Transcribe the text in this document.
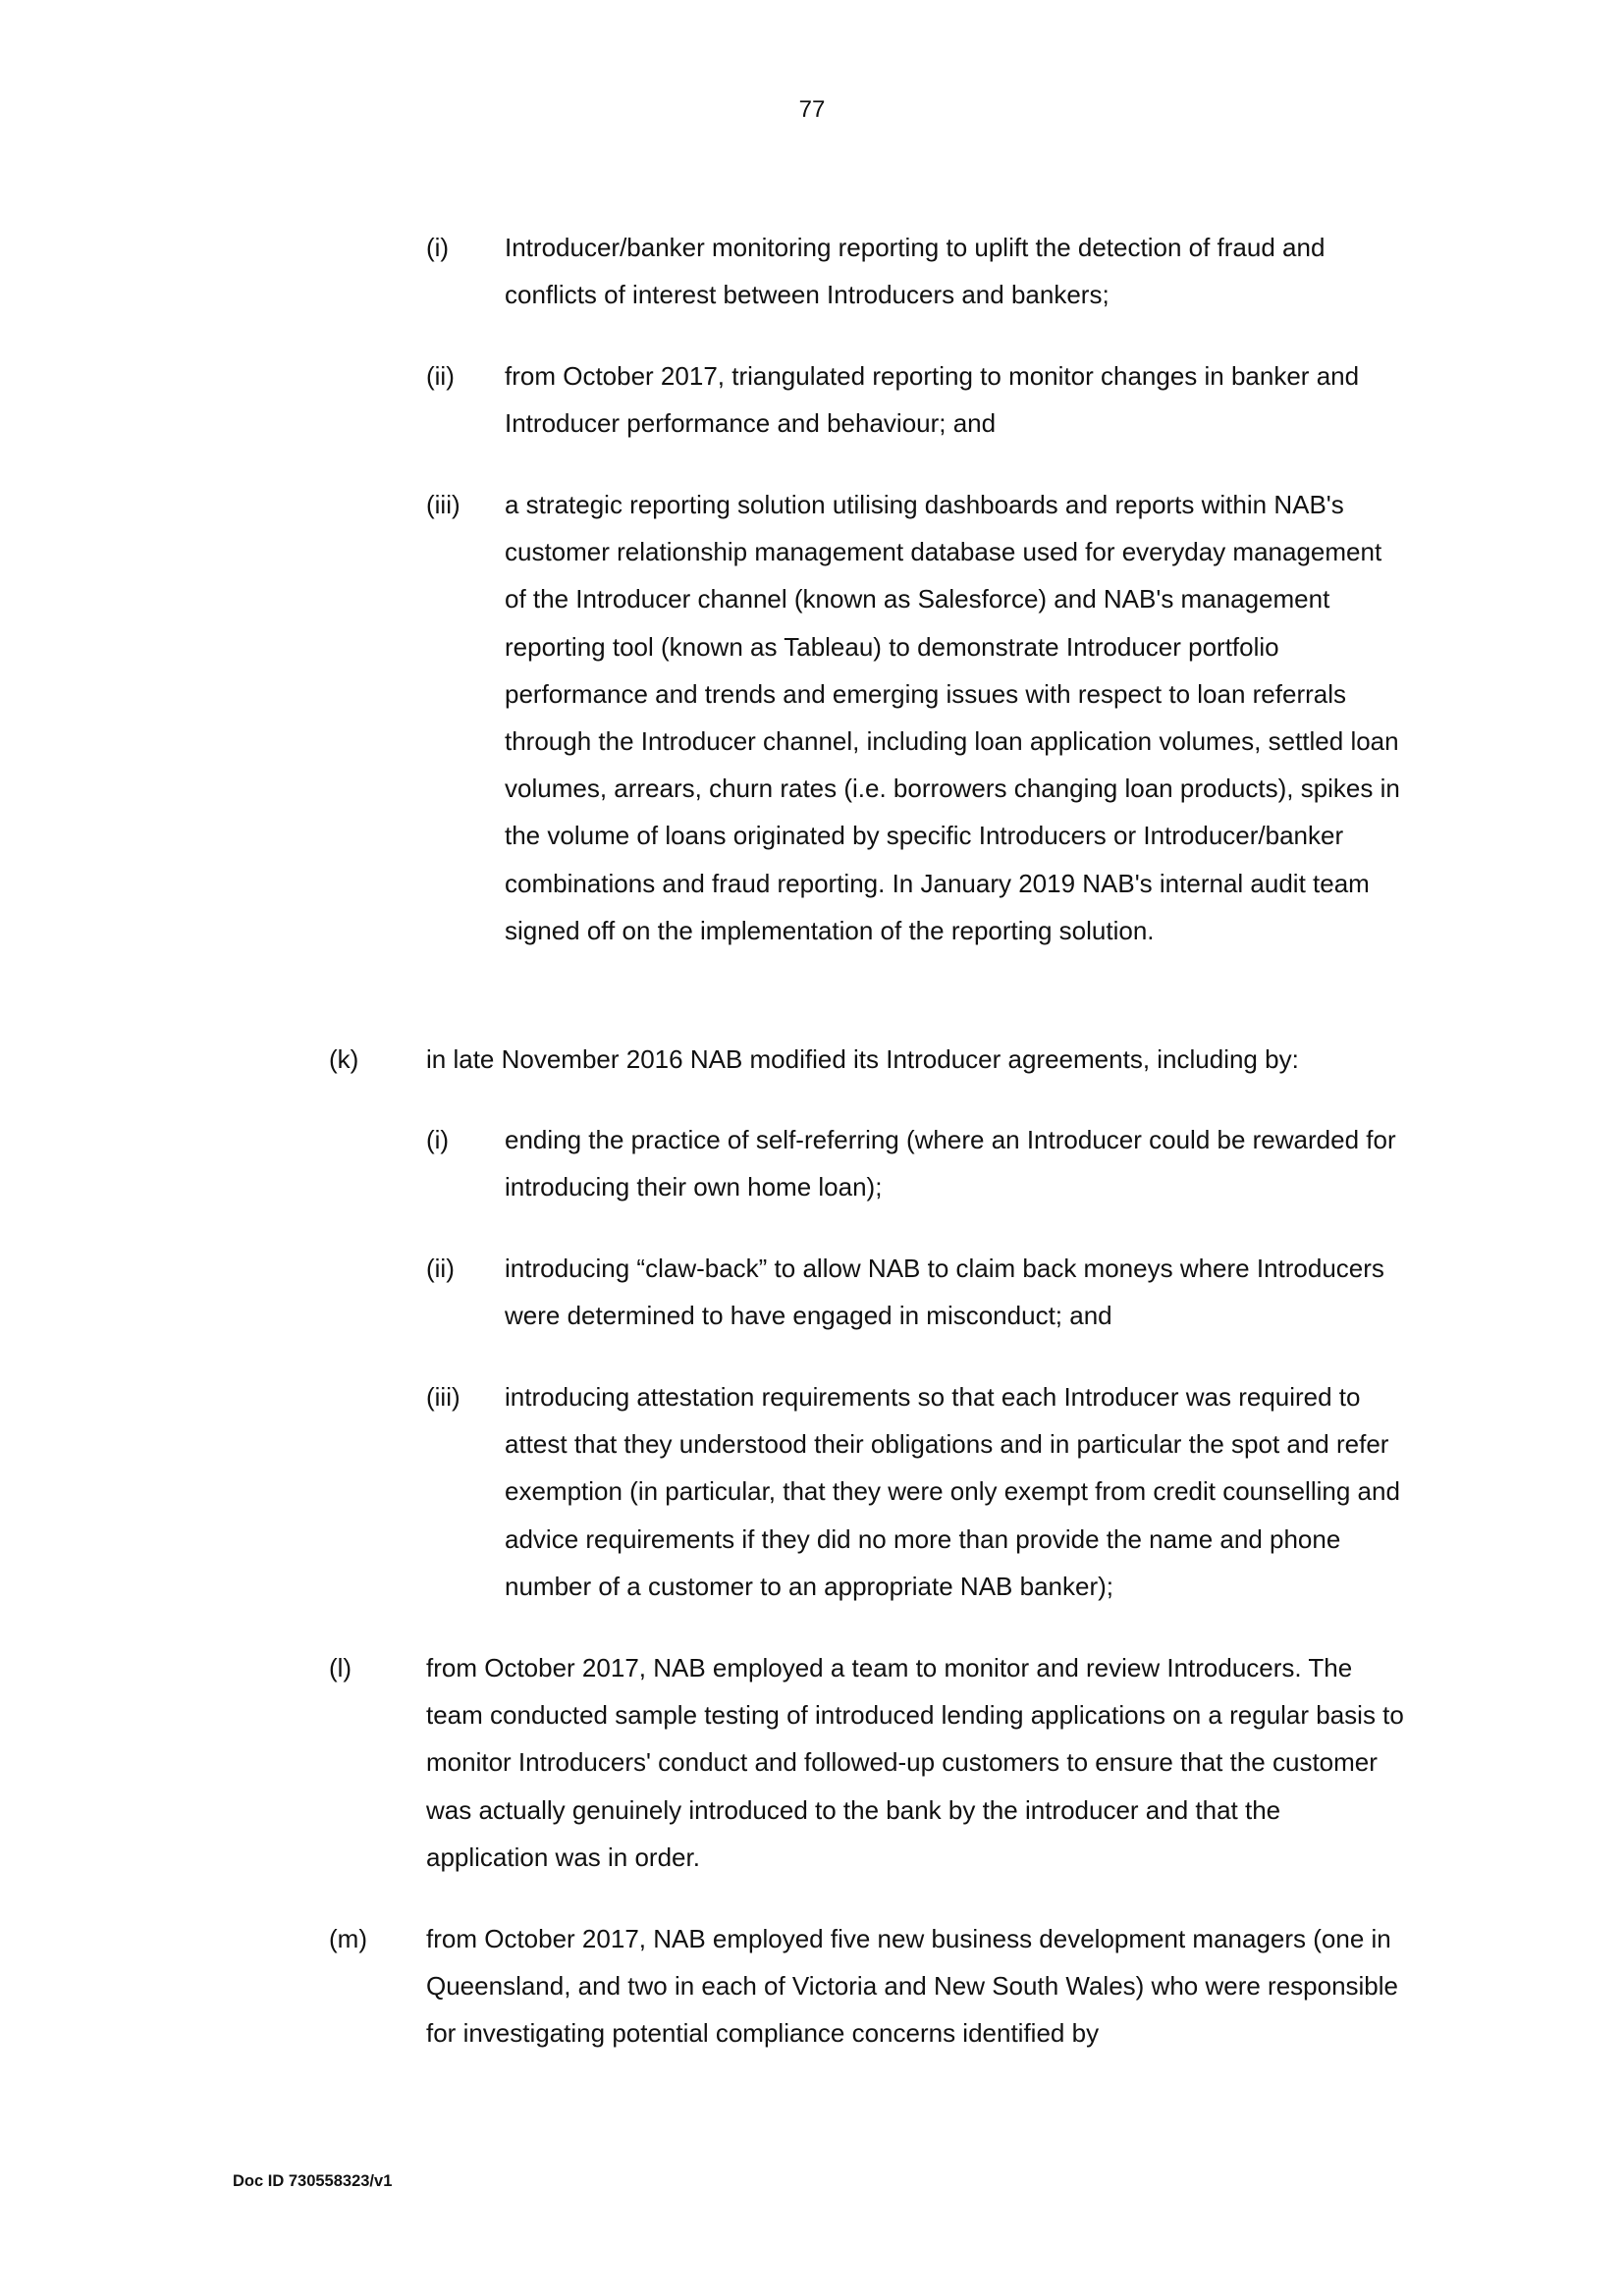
77
(i) Introducer/banker monitoring reporting to uplift the detection of fraud and conflicts of interest between Introducers and bankers;
(ii) from October 2017, triangulated reporting to monitor changes in banker and Introducer performance and behaviour; and
(iii) a strategic reporting solution utilising dashboards and reports within NAB's customer relationship management database used for everyday management of the Introducer channel (known as Salesforce) and NAB's management reporting tool (known as Tableau) to demonstrate Introducer portfolio performance and trends and emerging issues with respect to loan referrals through the Introducer channel, including loan application volumes, settled loan volumes, arrears, churn rates (i.e. borrowers changing loan products), spikes in the volume of loans originated by specific Introducers or Introducer/banker combinations and fraud reporting. In January 2019 NAB's internal audit team signed off on the implementation of the reporting solution.
(k)	in late November 2016 NAB modified its Introducer agreements, including by:
(i) ending the practice of self-referring (where an Introducer could be rewarded for introducing their own home loan);
(ii) introducing “claw-back” to allow NAB to claim back moneys where Introducers were determined to have engaged in misconduct; and
(iii) introducing attestation requirements so that each Introducer was required to attest that they understood their obligations and in particular the spot and refer exemption (in particular, that they were only exempt from credit counselling and advice requirements if they did no more than provide the name and phone number of a customer to an appropriate NAB banker);
(l)	from October 2017, NAB employed a team to monitor and review Introducers. The team conducted sample testing of introduced lending applications on a regular basis to monitor Introducers' conduct and followed-up customers to ensure that the customer was actually genuinely introduced to the bank by the introducer and that the application was in order.
(m) from October 2017, NAB employed five new business development managers (one in Queensland, and two in each of Victoria and New South Wales) who were responsible for investigating potential compliance concerns identified by
Doc ID 730558323/v1
